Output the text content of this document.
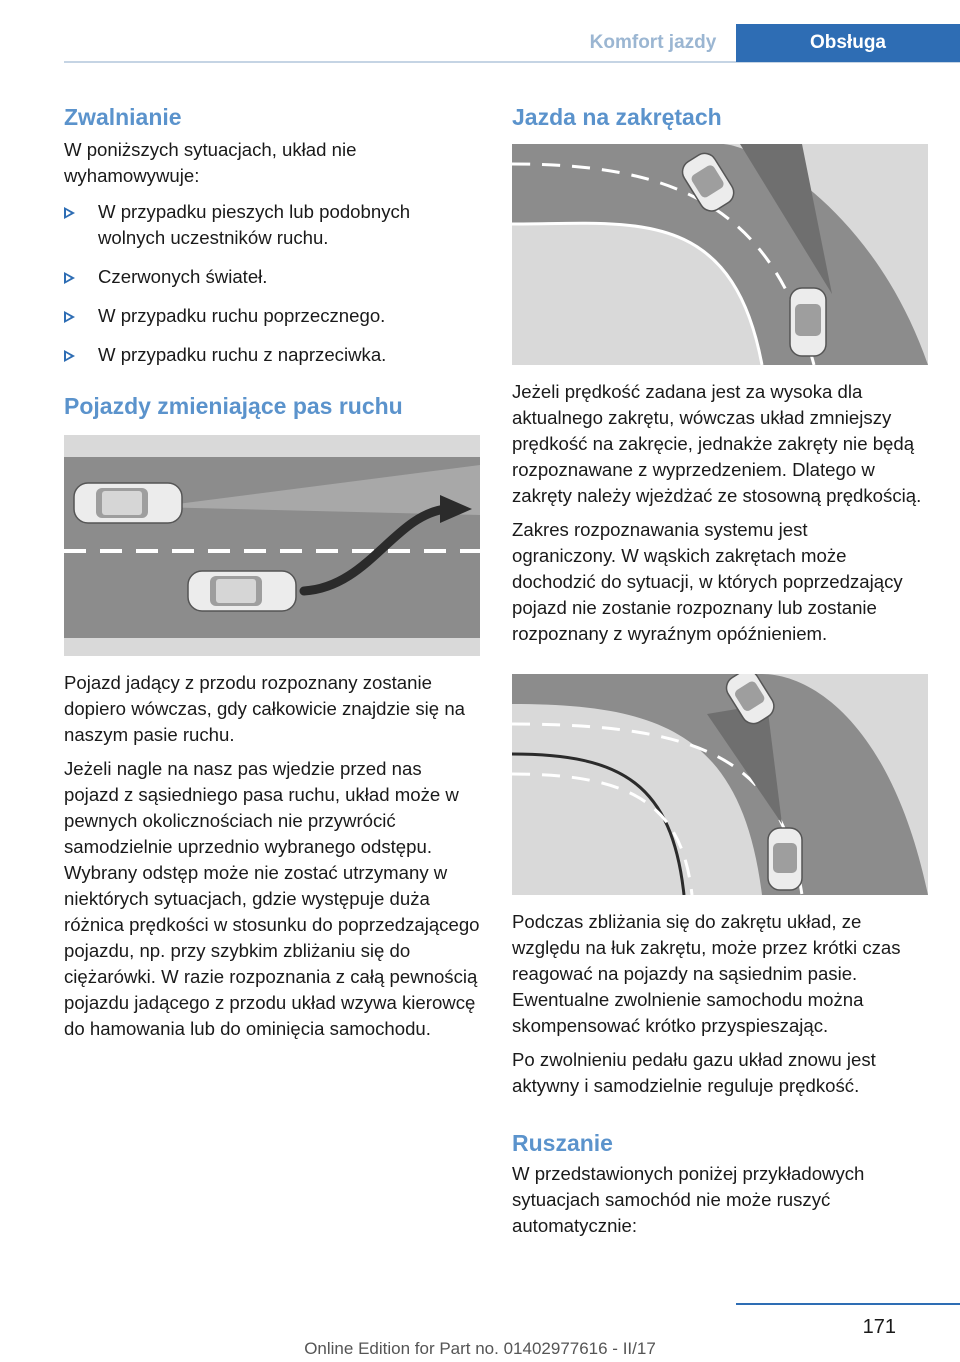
Komfort jazdy	Obsługa
Zwalnianie

W poniższych sytuacjach, układ nie wyhamowywuje:

W przypadku pieszych lub podobnych wolnych uczestników ruchu.
Czerwonych świateł.
W przypadku ruchu poprzecznego.
W przypadku ruchu z naprzeciwka.
Pojazdy zmieniające pas ruchu

Pojazd jadący z przodu rozpoznany zostanie dopiero wówczas, gdy całkowicie znajdzie się na naszym pasie ruchu.

Jeżeli nagle na nasz pas wjedzie przed nas pojazd z sąsiedniego pasa ruchu, układ może w pewnych okolicznościach nie przywrócić samodzielnie uprzednio wybranego odstępu. Wybrany odstęp może nie zostać utrzymany w niektórych sytuacjach, gdzie występuje duża różnica prędkości w stosunku do poprzedzającego pojazdu, np. przy szybkim zbliżaniu się do ciężarówki. W razie rozpoznania z całą pewnością pojazdu jadącego z przodu układ wzywa kierowcę do hamowania lub do ominięcia samochodu.

Jazda na zakrętach

Jeżeli prędkość zadana jest za wysoka dla aktualnego zakrętu, wówczas układ zmniejszy prędkość na zakręcie, jednakże zakręty nie będą rozpoznawane z wyprzedzeniem. Dlatego w zakręty należy wjeżdżać ze stosowną prędkością.

Zakres rozpoznawania systemu jest ograniczony. W wąskich zakrętach może dochodzić do sytuacji, w których poprzedzający pojazd nie zostanie rozpoznany lub zostanie rozpoznany z wyraźnym opóźnieniem.

Podczas zbliżania się do zakrętu układ, ze względu na łuk zakrętu, może przez krótki czas reagować na pojazdy na sąsiednim pasie. Ewentualne zwolnienie samochodu można skompensować krótko przyspieszając.

Po zwolnieniu pedału gazu układ znowu jest aktywny i samodzielnie reguluje prędkość.

Ruszanie

W przedstawionych poniżej przykładowych sytuacjach samochód nie może ruszyć automatycznie:

171
Online Edition for Part no. 01402977616 - II/17
